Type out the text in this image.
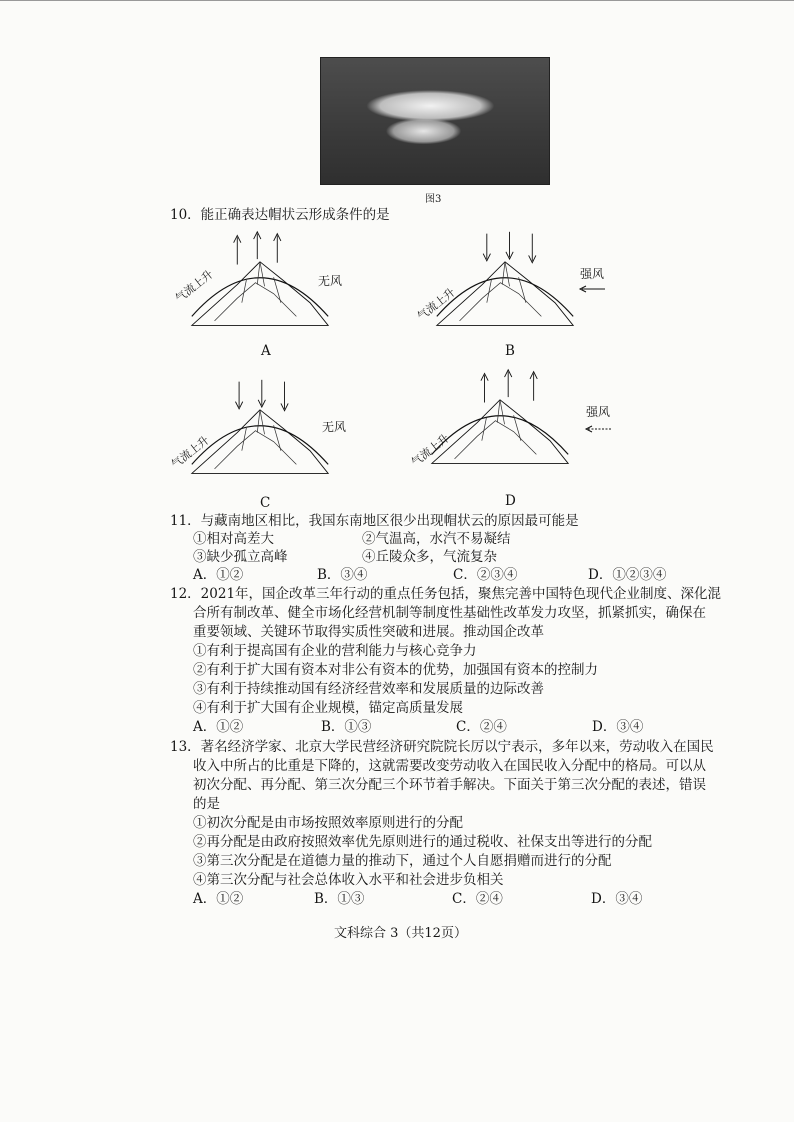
图3
10．能正确表达帽状云形成条件的是
气流上升	无风
A
气流上升
强风
B
气流上升
无风
C
气流上升
强风
D
11．与藏南地区相比，我国东南地区很少出现帽状云的原因最可能是
①相对高差大	②气温高，水汽不易凝结
③缺少孤立高峰	④丘陵众多，气流复杂
A．①②	B．③④	C．②③④	D．①②③④
12．2021年，国企改革三年行动的重点任务包括，聚焦完善中国特色现代企业制度、深化混
合所有制改革、健全市场化经营机制等制度性基础性改革发力攻坚，抓紧抓实，确保在
重要领域、关键环节取得实质性突破和进展。推动国企改革
①有利于提高国有企业的营利能力与核心竞争力
②有利于扩大国有资本对非公有资本的优势，加强国有资本的控制力
③有利于持续推动国有经济经营效率和发展质量的边际改善
④有利于扩大国有企业规模，锚定高质量发展
A．①②	B．①③	C．②④	D．③④
13．著名经济学家、北京大学民营经济研究院院长厉以宁表示，多年以来，劳动收入在国民
收入中所占的比重是下降的，这就需要改变劳动收入在国民收入分配中的格局。可以从
初次分配、再分配、第三次分配三个环节着手解决。下面关于第三次分配的表述，错误
的是
①初次分配是由市场按照效率原则进行的分配
②再分配是由政府按照效率优先原则进行的通过税收、社保支出等进行的分配
③第三次分配是在道德力量的推动下，通过个人自愿捐赠而进行的分配
④第三次分配与社会总体收入水平和社会进步负相关
A．①②	B．①③	C．②④	D．③④
文科综合 3（共12页）
